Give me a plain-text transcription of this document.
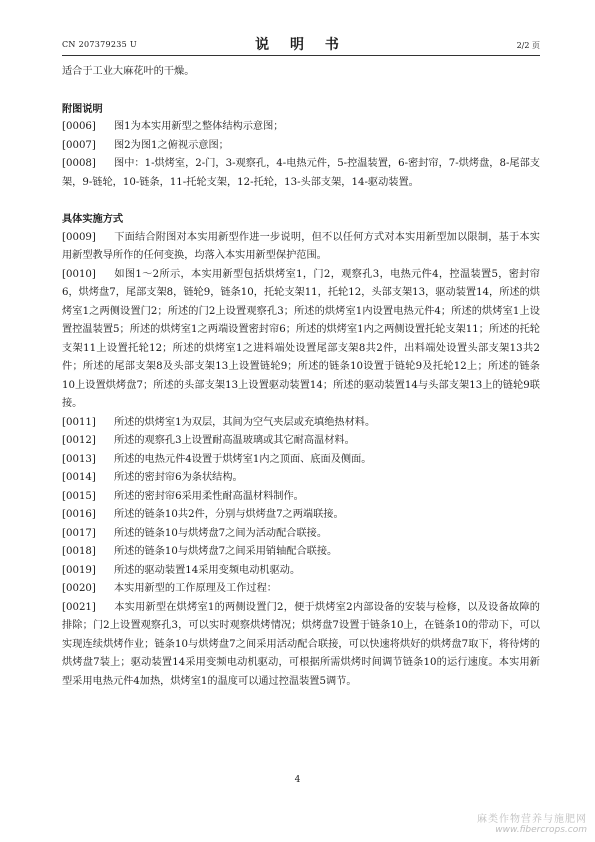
CN 207379235 U	说 明 书	2/2 页

适合于工业大麻花叶的干燥。

附图说明

[0006] 图1为本实用新型之整体结构示意图；

[0007] 图2为图1之俯视示意图；

[0008] 图中：1-烘烤室，2-门，3-观察孔，4-电热元件，5-控温装置，6-密封帘，7-烘烤盘，8-尾部支架，9-链轮，10-链条，11-托轮支架，12-托轮，13-头部支架，14-驱动装置。

具体实施方式

[0009] 下面结合附图对本实用新型作进一步说明，但不以任何方式对本实用新型加以限制，基于本实用新型教导所作的任何变换，均落入本实用新型保护范围。

[0010] 如图1～2所示，本实用新型包括烘烤室1，门2，观察孔3，电热元件4，控温装置5，密封帘6，烘烤盘7，尾部支架8，链轮9，链条10，托轮支架11，托轮12，头部支架13，驱动装置14，所述的烘烤室1之两侧设置门2；所述的门2上设置观察孔3；所述的烘烤室1内设置电热元件4；所述的烘烤室1上设置控温装置5；所述的烘烤室1之两端设置密封帘6；所述的烘烤室1内之两侧设置托轮支架11；所述的托轮支架11上设置托轮12；所述的烘烤室1之进料端处设置尾部支架8共2件，出料端处设置头部支架13共2件；所述的尾部支架8及头部支架13上设置链轮9；所述的链条10设置于链轮9及托轮12上；所述的链条10上设置烘烤盘7；所述的头部支架13上设置驱动装置14；所述的驱动装置14与头部支架13上的链轮9联接。

[0011] 所述的烘烤室1为双层，其间为空气夹层或充填绝热材料。

[0012] 所述的观察孔3上设置耐高温玻璃或其它耐高温材料。

[0013] 所述的电热元件4设置于烘烤室1内之顶面、底面及侧面。

[0014] 所述的密封帘6为条状结构。

[0015] 所述的密封帘6采用柔性耐高温材料制作。

[0016] 所述的链条10共2件，分别与烘烤盘7之两端联接。

[0017] 所述的链条10与烘烤盘7之间为活动配合联接。

[0018] 所述的链条10与烘烤盘7之间采用销轴配合联接。

[0019] 所述的驱动装置14采用变频电动机驱动。

[0020] 本实用新型的工作原理及工作过程：

[0021] 本实用新型在烘烤室1的两侧设置门2，便于烘烤室2内部设备的安装与检修，以及设备故障的排除；门2上设置观察孔3，可以实时观察烘烤情况；烘烤盘7设置于链条10上，在链条10的带动下，可以实现连续烘烤作业；链条10与烘烤盘7之间采用活动配合联接，可以快速将烘好的烘烤盘7取下，将待烤的烘烤盘7装上；驱动装置14采用变频电动机驱动，可根据所需烘烤时间调节链条10的运行速度。本实用新型采用电热元件4加热，烘烤室1的温度可以通过控温装置5调节。

4
麻类作物营养与施肥网
www.fibercrops.com
